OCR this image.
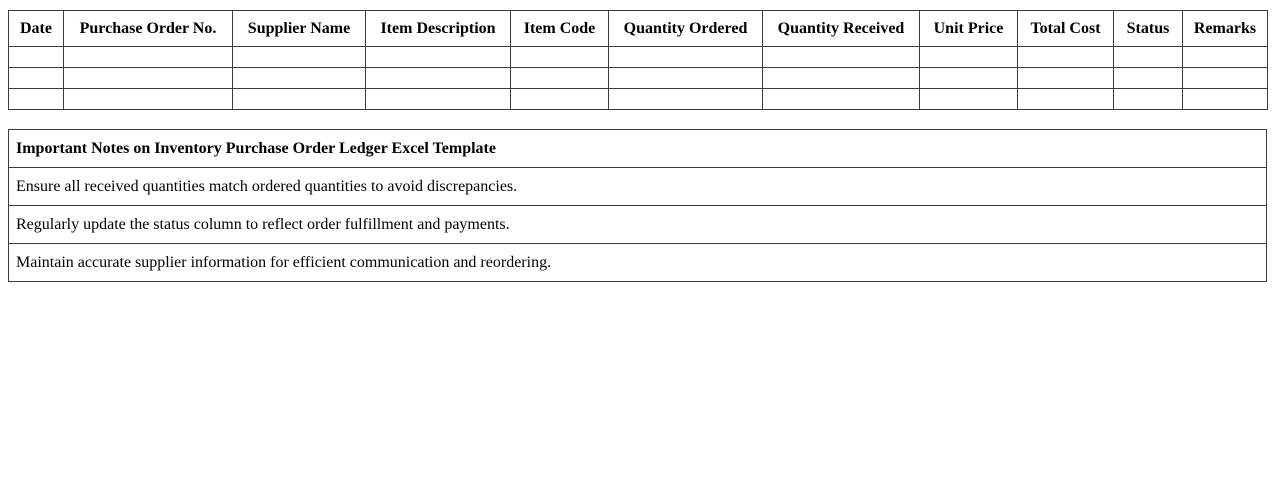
Date	Purchase Order No.	Supplier Name	Item Description	Item Code	Quantity Ordered	Quantity Received	Unit Price	Total Cost	Status	Remarks

Important Notes on Inventory Purchase Order Ledger Excel Template
Ensure all received quantities match ordered quantities to avoid discrepancies.
Regularly update the status column to reflect order fulfillment and payments.
Maintain accurate supplier information for efficient communication and reordering.
